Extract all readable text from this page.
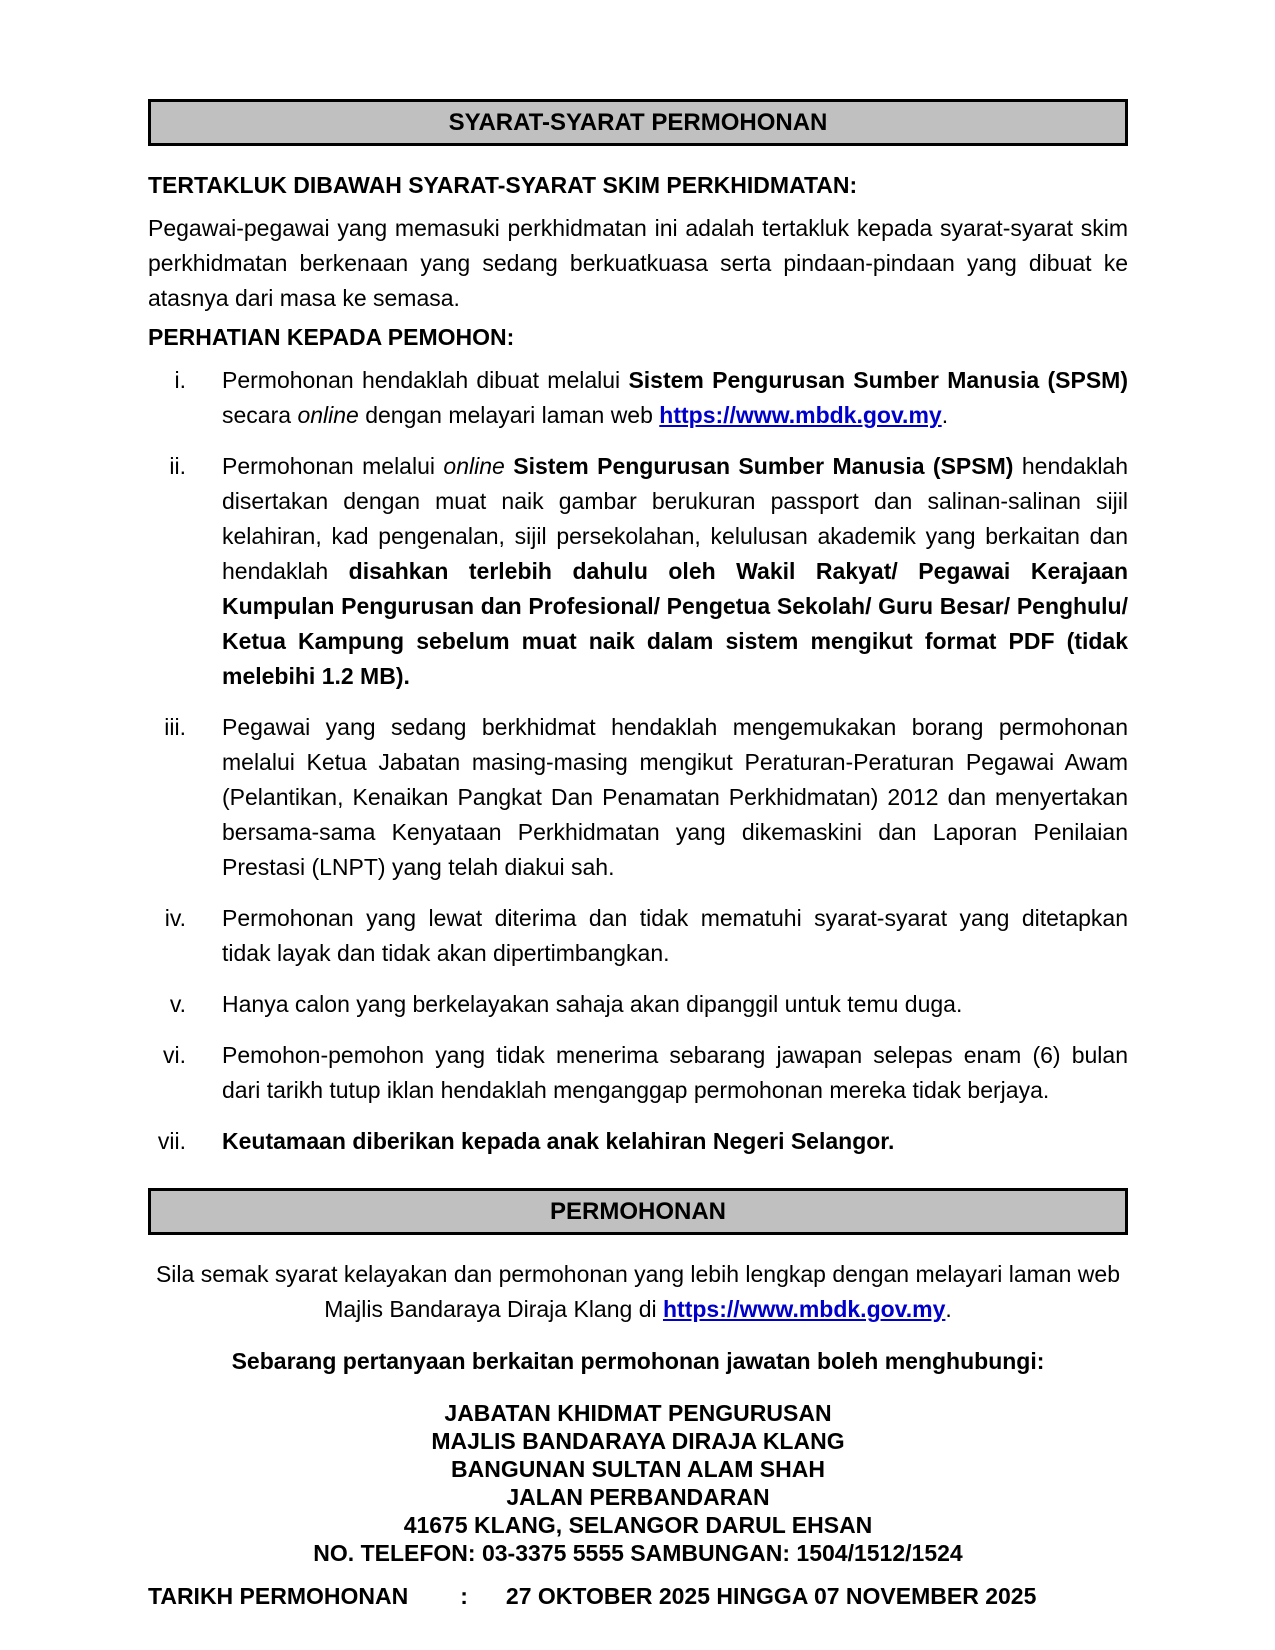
SYARAT-SYARAT PERMOHONAN
TERTAKLUK DIBAWAH SYARAT-SYARAT SKIM PERKHIDMATAN:
Pegawai-pegawai yang memasuki perkhidmatan ini adalah tertakluk kepada syarat-syarat skim perkhidmatan berkenaan yang sedang berkuatkuasa serta pindaan-pindaan yang dibuat ke atasnya dari masa ke semasa.
PERHATIAN KEPADA PEMOHON:
i. Permohonan hendaklah dibuat melalui Sistem Pengurusan Sumber Manusia (SPSM) secara online dengan melayari laman web https://www.mbdk.gov.my.
ii. Permohonan melalui online Sistem Pengurusan Sumber Manusia (SPSM) hendaklah disertakan dengan muat naik gambar berukuran passport dan salinan-salinan sijil kelahiran, kad pengenalan, sijil persekolahan, kelulusan akademik yang berkaitan dan hendaklah disahkan terlebih dahulu oleh Wakil Rakyat/ Pegawai Kerajaan Kumpulan Pengurusan dan Profesional/ Pengetua Sekolah/ Guru Besar/ Penghulu/ Ketua Kampung sebelum muat naik dalam sistem mengikut format PDF (tidak melebihi 1.2 MB).
iii. Pegawai yang sedang berkhidmat hendaklah mengemukakan borang permohonan melalui Ketua Jabatan masing-masing mengikut Peraturan-Peraturan Pegawai Awam (Pelantikan, Kenaikan Pangkat Dan Penamatan Perkhidmatan) 2012 dan menyertakan bersama-sama Kenyataan Perkhidmatan yang dikemaskini dan Laporan Penilaian Prestasi (LNPT) yang telah diakui sah.
iv. Permohonan yang lewat diterima dan tidak mematuhi syarat-syarat yang ditetapkan tidak layak dan tidak akan dipertimbangkan.
v. Hanya calon yang berkelayakan sahaja akan dipanggil untuk temu duga.
vi. Pemohon-pemohon yang tidak menerima sebarang jawapan selepas enam (6) bulan dari tarikh tutup iklan hendaklah menganggap permohonan mereka tidak berjaya.
vii. Keutamaan diberikan kepada anak kelahiran Negeri Selangor.
PERMOHONAN
Sila semak syarat kelayakan dan permohonan yang lebih lengkap dengan melayari laman web Majlis Bandaraya Diraja Klang di https://www.mbdk.gov.my.
Sebarang pertanyaan berkaitan permohonan jawatan boleh menghubungi:
JABATAN KHIDMAT PENGURUSAN
MAJLIS BANDARAYA DIRAJA KLANG
BANGUNAN SULTAN ALAM SHAH
JALAN PERBANDARAN
41675 KLANG, SELANGOR DARUL EHSAN
NO. TELEFON: 03-3375 5555 SAMBUNGAN: 1504/1512/1524
TARIKH PERMOHONAN : 27 OKTOBER 2025 HINGGA 07 NOVEMBER 2025
